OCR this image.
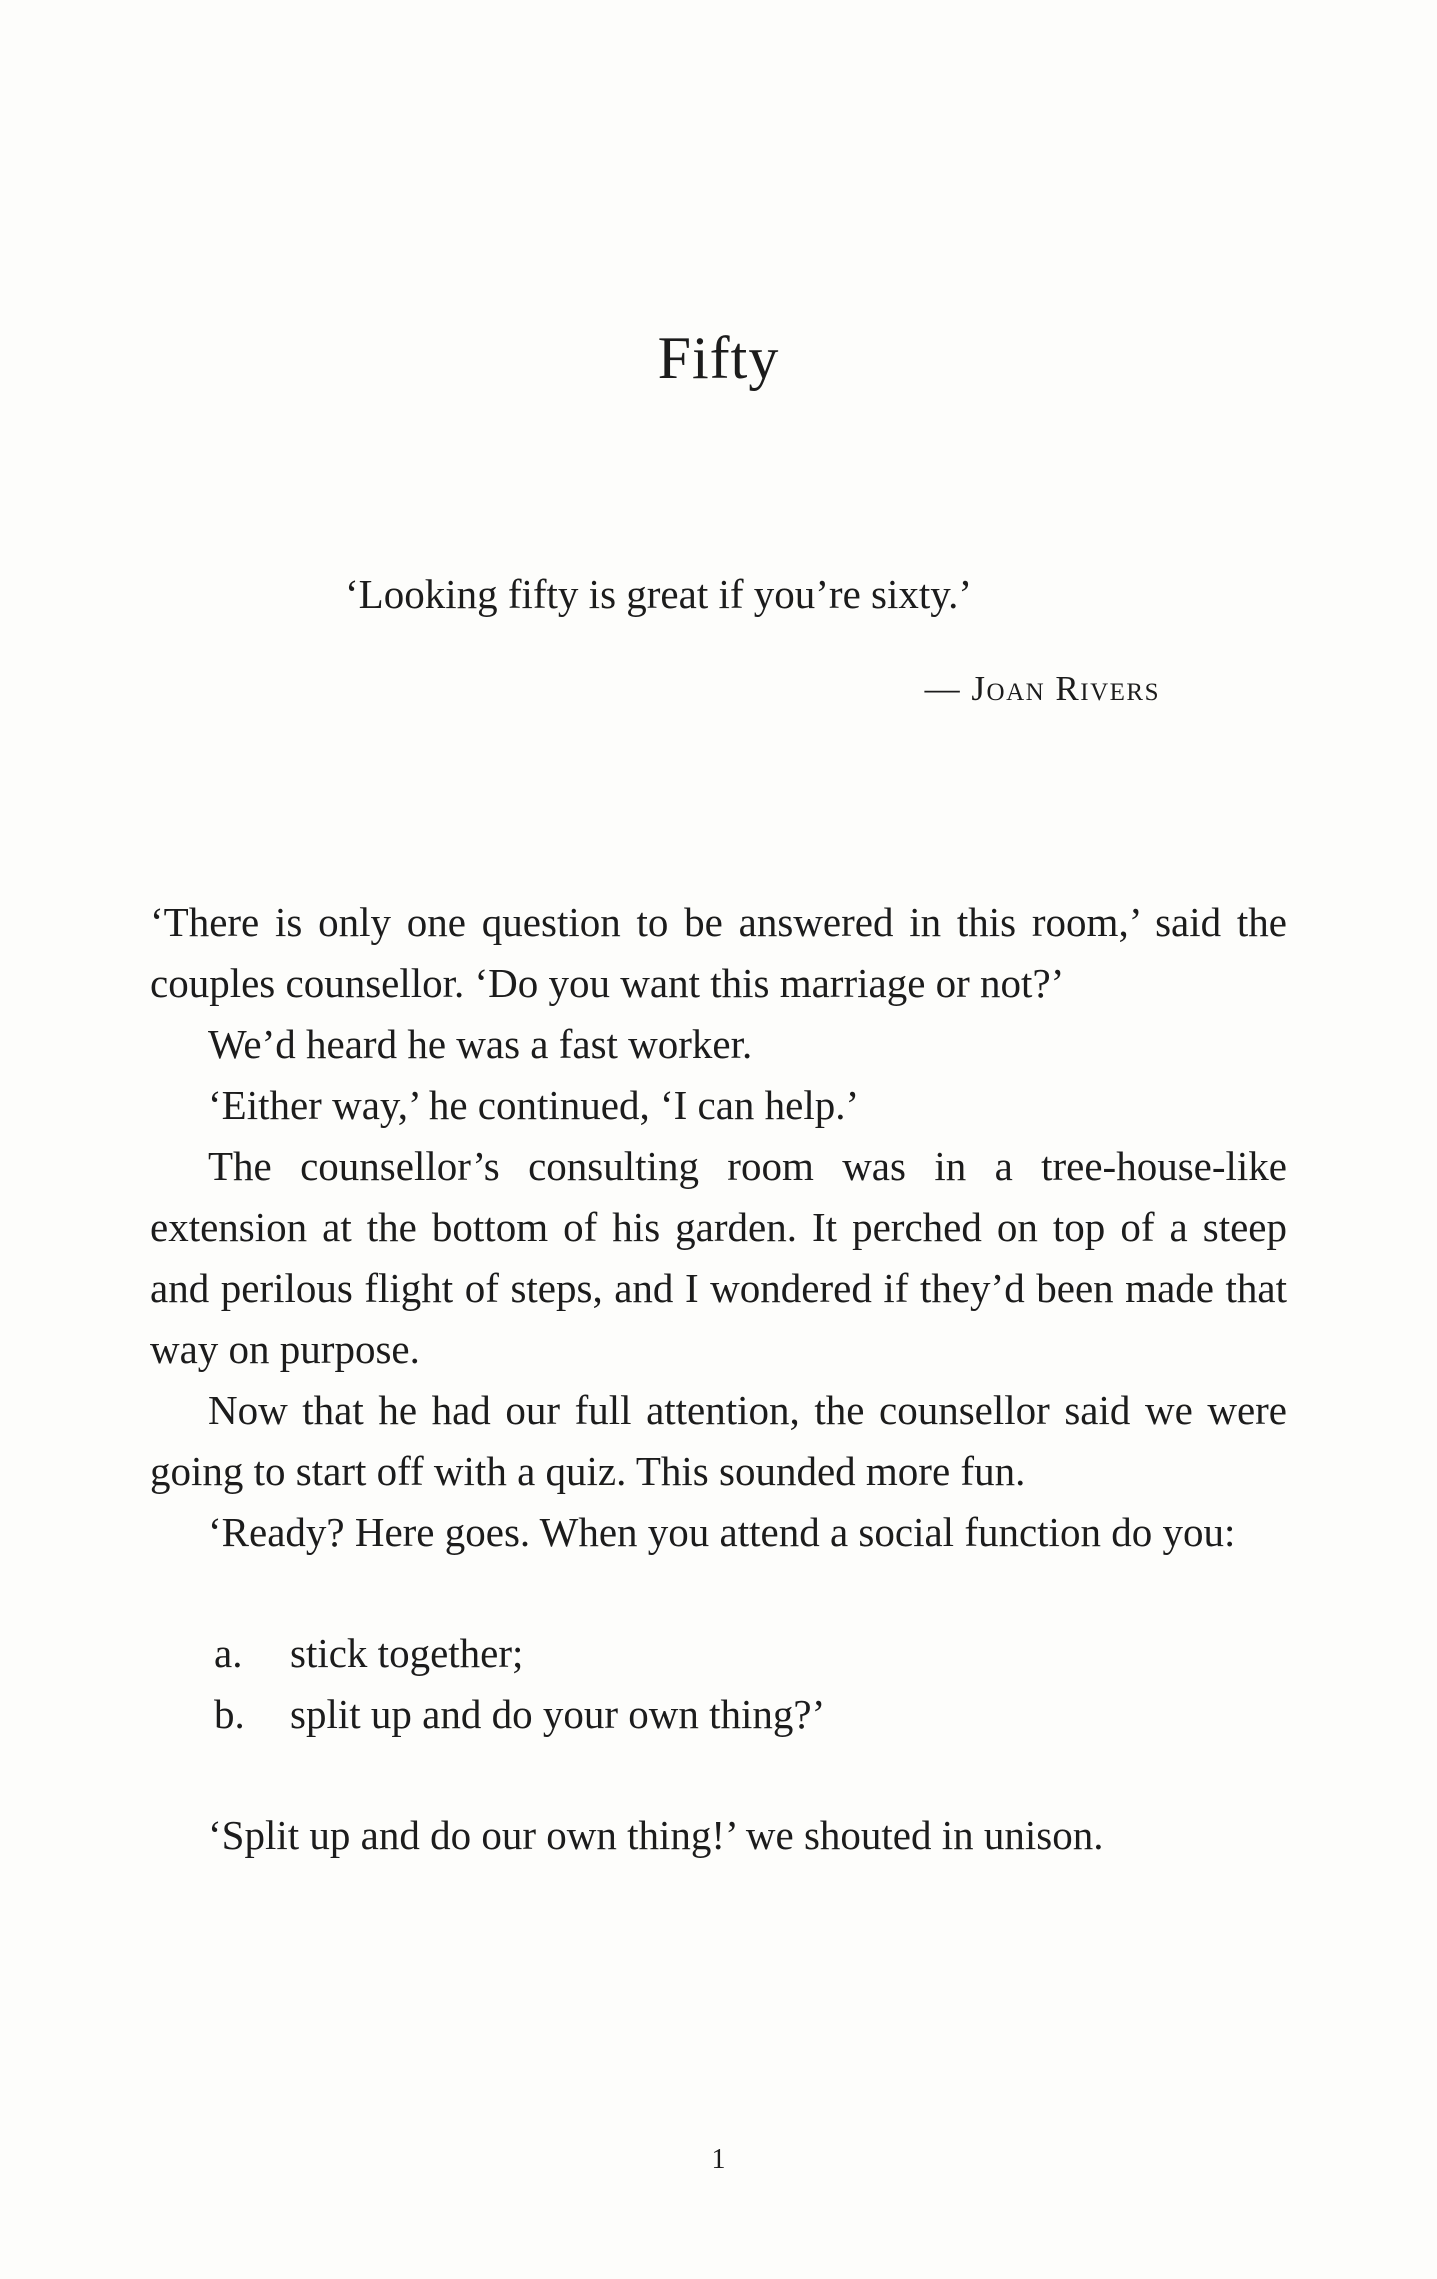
Fifty
‘Looking fifty is great if you’re sixty.’
— Joan Rivers

‘There is only one question to be answered in this room,’ said the couples counsellor. ‘Do you want this marriage or not?’

We’d heard he was a fast worker.

‘Either way,’ he continued, ‘I can help.’

The counsellor’s consulting room was in a tree-house-like extension at the bottom of his garden. It perched on top of a steep and perilous flight of steps, and I wondered if they’d been made that way on purpose.

Now that he had our full attention, the counsellor said we were going to start off with a quiz. This sounded more fun.

‘Ready? Here goes. When you attend a social function do you:

a. stick together;
b. split up and do your own thing?’

‘Split up and do our own thing!’ we shouted in unison.

1
